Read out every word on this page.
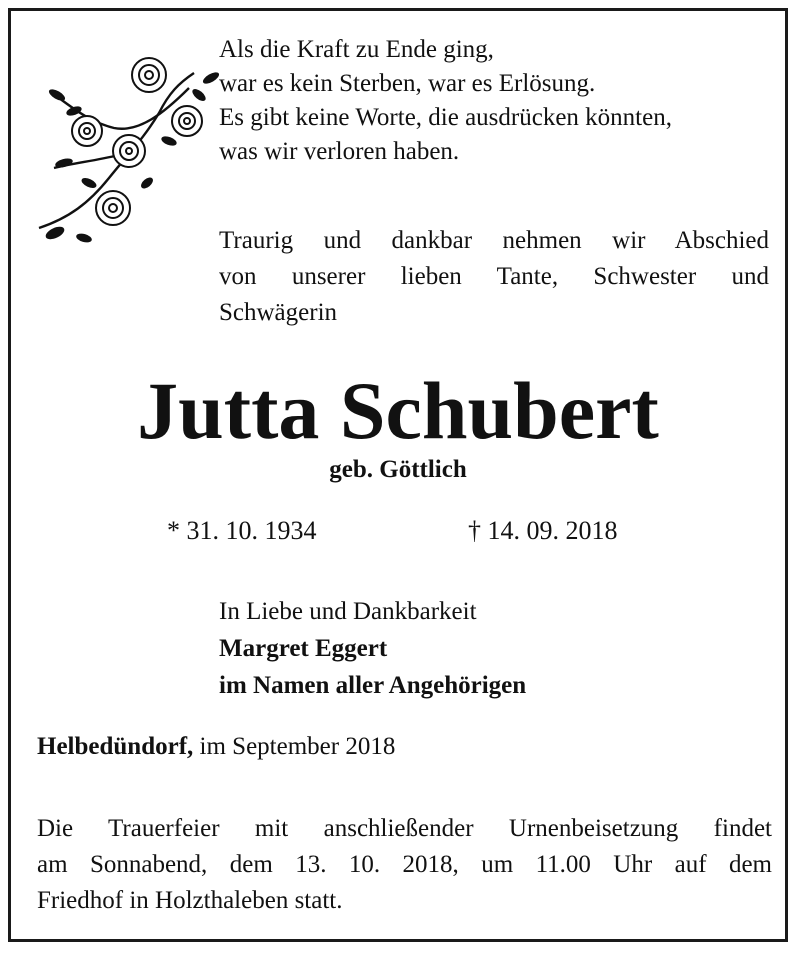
Als die Kraft zu Ende ging,

war es kein Sterben, war es Erlösung.

Es gibt keine Worte, die ausdrücken könnten,

was wir verloren haben.

Traurig und dankbar nehmen wir Abschied
von unserer lieben Tante, Schwester und
Schwägerin

Jutta Schubert
geb. Göttlich
* 31. 10. 1934	† 14. 09. 2018
In Liebe und Dankbarkeit
Margret Eggert
im Namen aller Angehörigen
Helbedündorf, im September 2018
Die Trauerfeier mit anschließender Urnenbeisetzung findet
am Sonnabend, dem 13. 10. 2018, um 11.00 Uhr auf dem
Friedhof in Holzthaleben statt.
